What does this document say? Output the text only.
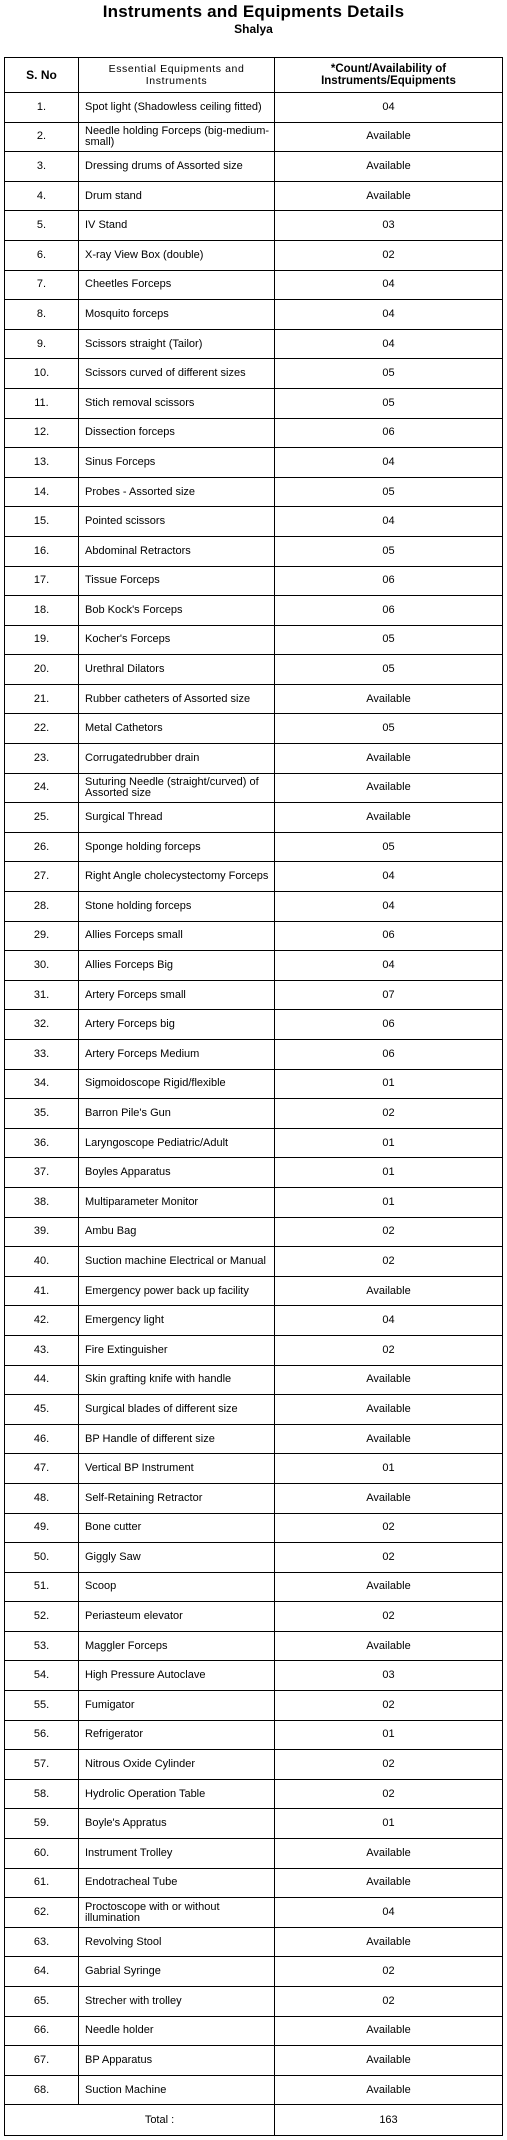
Instruments and Equipments Details
Shalya
S. No	Essential Equipments and Instruments	*Count/Availability of Instruments/Equipments
1.	Spot light (Shadowless ceiling fitted)	04
2.	Needle holding Forceps (big-medium-small)	Available
3.	Dressing drums of Assorted size	Available
4.	Drum stand	Available
5.	IV Stand	03
6.	X-ray View Box (double)	02
7.	Cheetles Forceps	04
8.	Mosquito forceps	04
9.	Scissors straight (Tailor)	04
10.	Scissors curved of different sizes	05
11.	Stich removal scissors	05
12.	Dissection forceps	06
13.	Sinus Forceps	04
14.	Probes - Assorted size	05
15.	Pointed scissors	04
16.	Abdominal Retractors	05
17.	Tissue Forceps	06
18.	Bob Kock's Forceps	06
19.	Kocher's Forceps	05
20.	Urethral Dilators	05
21.	Rubber catheters of Assorted size	Available
22.	Metal Cathetors	05
23.	Corrugatedrubber drain	Available
24.	Suturing Needle (straight/curved) of Assorted size	Available
25.	Surgical Thread	Available
26.	Sponge holding forceps	05
27.	Right Angle cholecystectomy Forceps	04
28.	Stone holding forceps	04
29.	Allies Forceps small	06
30.	Allies Forceps Big	04
31.	Artery Forceps small	07
32.	Artery Forceps big	06
33.	Artery Forceps Medium	06
34.	Sigmoidoscope Rigid/flexible	01
35.	Barron Pile's Gun	02
36.	Laryngoscope Pediatric/Adult	01
37.	Boyles Apparatus	01
38.	Multiparameter Monitor	01
39.	Ambu Bag	02
40.	Suction machine Electrical or Manual	02
41.	Emergency power back up facility	Available
42.	Emergency light	04
43.	Fire Extinguisher	02
44.	Skin grafting knife with handle	Available
45.	Surgical blades of different size	Available
46.	BP Handle of different size	Available
47.	Vertical BP Instrument	01
48.	Self-Retaining Retractor	Available
49.	Bone cutter	02
50.	Giggly Saw	02
51.	Scoop	Available
52.	Periasteum elevator	02
53.	Maggler Forceps	Available
54.	High Pressure Autoclave	03
55.	Fumigator	02
56.	Refrigerator	01
57.	Nitrous Oxide Cylinder	02
58.	Hydrolic Operation Table	02
59.	Boyle's Appratus	01
60.	Instrument Trolley	Available
61.	Endotracheal Tube	Available
62.	Proctoscope with or without illumination	04
63.	Revolving Stool	Available
64.	Gabrial Syringe	02
65.	Strecher with trolley	02
66.	Needle holder	Available
67.	BP Apparatus	Available
68.	Suction Machine	Available
Total :		163
